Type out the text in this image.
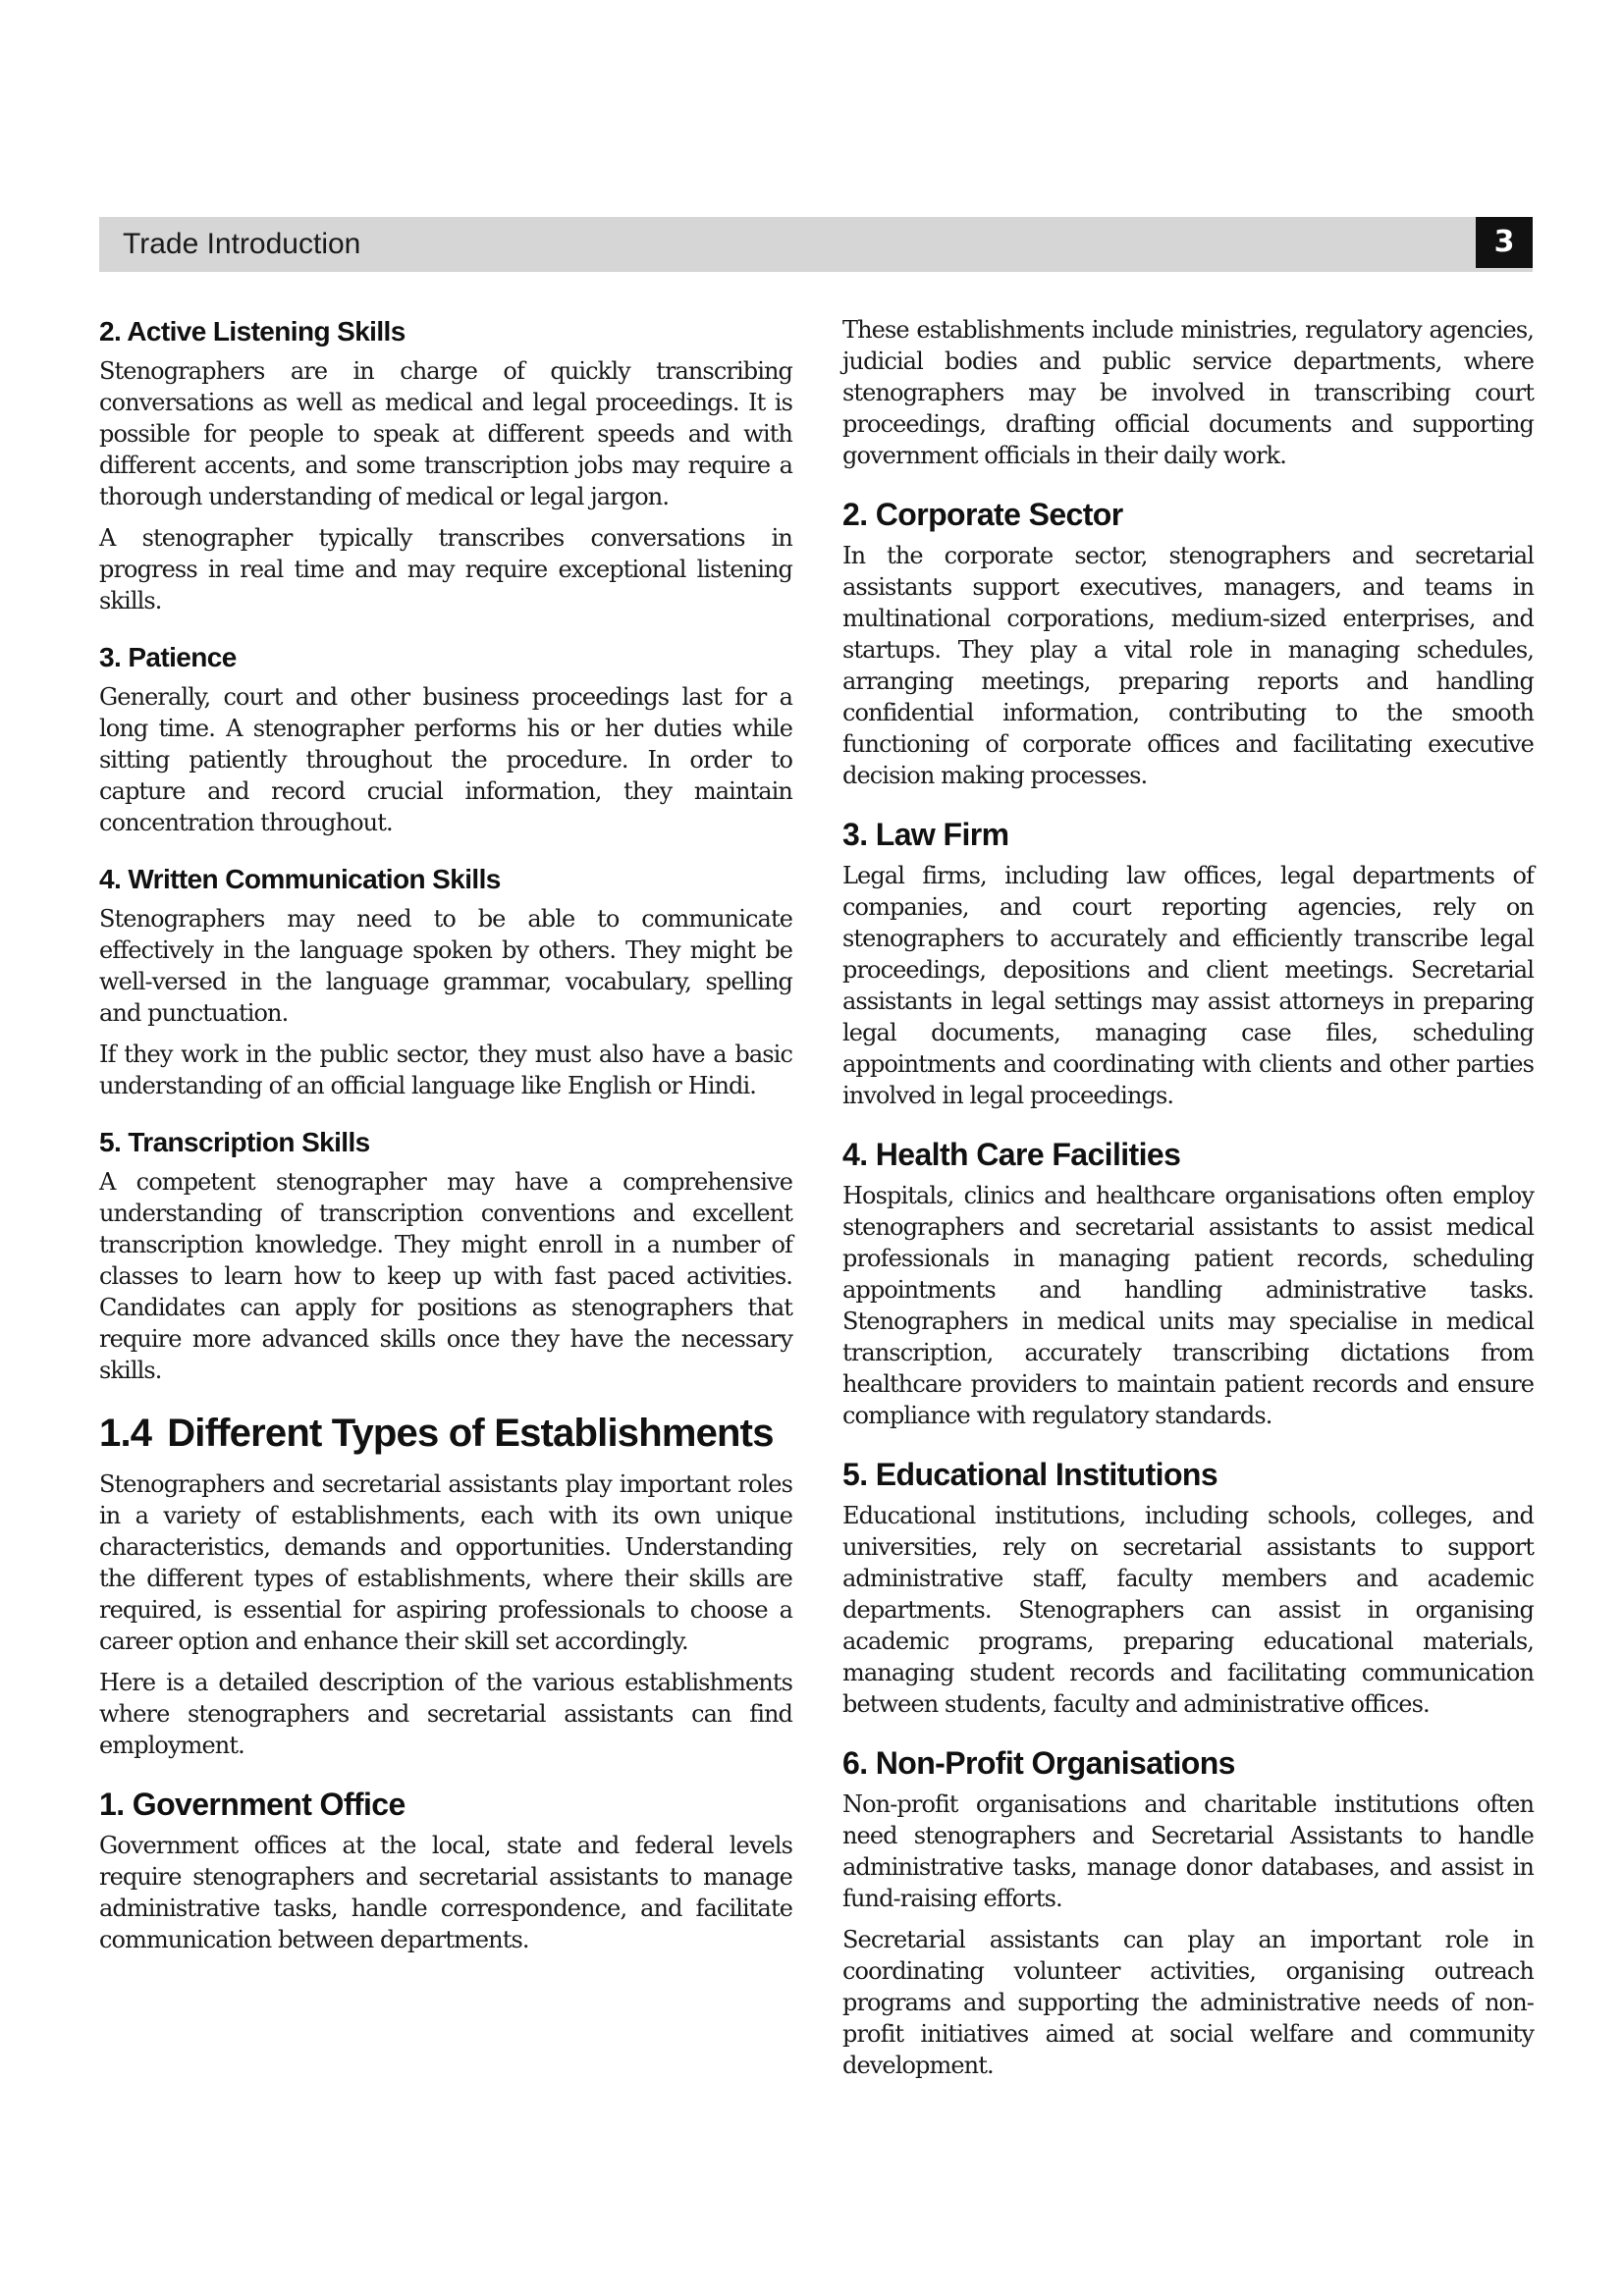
Trade Introduction	3
2. Active Listening Skills

Stenographers are in charge of quickly transcribing conversations as well as medical and legal proceedings. It is possible for people to speak at different speeds and with different accents, and some transcription jobs may require a thorough understanding of medical or legal jargon.

A stenographer typically transcribes conversations in progress in real time and may require exceptional listening skills.

3. Patience

Generally, court and other business proceedings last for a long time. A stenographer performs his or her duties while sitting patiently throughout the procedure. In order to capture and record crucial information, they maintain concentration throughout.

4. Written Communication Skills

Stenographers may need to be able to communicate effectively in the language spoken by others. They might be well-versed in the language grammar, vocabulary, spelling and punctuation.

If they work in the public sector, they must also have a basic understanding of an official language like English or Hindi.

5. Transcription Skills

A competent stenographer may have a comprehensive understanding of transcription conventions and excellent transcription knowledge. They might enroll in a number of classes to learn how to keep up with fast paced activities. Candidates can apply for positions as stenographers that require more advanced skills once they have the necessary skills.

1.4 Different Types of Establishments

Stenographers and secretarial assistants play important roles in a variety of establishments, each with its own unique characteristics, demands and opportunities. Understanding the different types of establishments, where their skills are required, is essential for aspiring professionals to choose a career option and enhance their skill set accordingly.

Here is a detailed description of the various establishments where stenographers and secretarial assistants can find employment.

1. Government Office

Government offices at the local, state and federal levels require stenographers and secretarial assistants to manage administrative tasks, handle correspondence, and facilitate communication between departments.

These establishments include ministries, regulatory agencies, judicial bodies and public service departments, where stenographers may be involved in transcribing court proceedings, drafting official documents and supporting government officials in their daily work.

2. Corporate Sector

In the corporate sector, stenographers and secretarial assistants support executives, managers, and teams in multinational corporations, medium-sized enterprises, and startups. They play a vital role in managing schedules, arranging meetings, preparing reports and handling confidential information, contributing to the smooth functioning of corporate offices and facilitating executive decision making processes.

3. Law Firm

Legal firms, including law offices, legal departments of companies, and court reporting agencies, rely on stenographers to accurately and efficiently transcribe legal proceedings, depositions and client meetings. Secretarial assistants in legal settings may assist attorneys in preparing legal documents, managing case files, scheduling appointments and coordinating with clients and other parties involved in legal proceedings.

4. Health Care Facilities

Hospitals, clinics and healthcare organisations often employ stenographers and secretarial assistants to assist medical professionals in managing patient records, scheduling appointments and handling administrative tasks. Stenographers in medical units may specialise in medical transcription, accurately transcribing dictations from healthcare providers to maintain patient records and ensure compliance with regulatory standards.

5. Educational Institutions

Educational institutions, including schools, colleges, and universities, rely on secretarial assistants to support administrative staff, faculty members and academic departments. Stenographers can assist in organising academic programs, preparing educational materials, managing student records and facilitating communication between students, faculty and administrative offices.

6. Non-Profit Organisations

Non-profit organisations and charitable institutions often need stenographers and Secretarial Assistants to handle administrative tasks, manage donor databases, and assist in fund-raising efforts.

Secretarial assistants can play an important role in coordinating volunteer activities, organising outreach programs and supporting the administrative needs of non-profit initiatives aimed at social welfare and community development.
